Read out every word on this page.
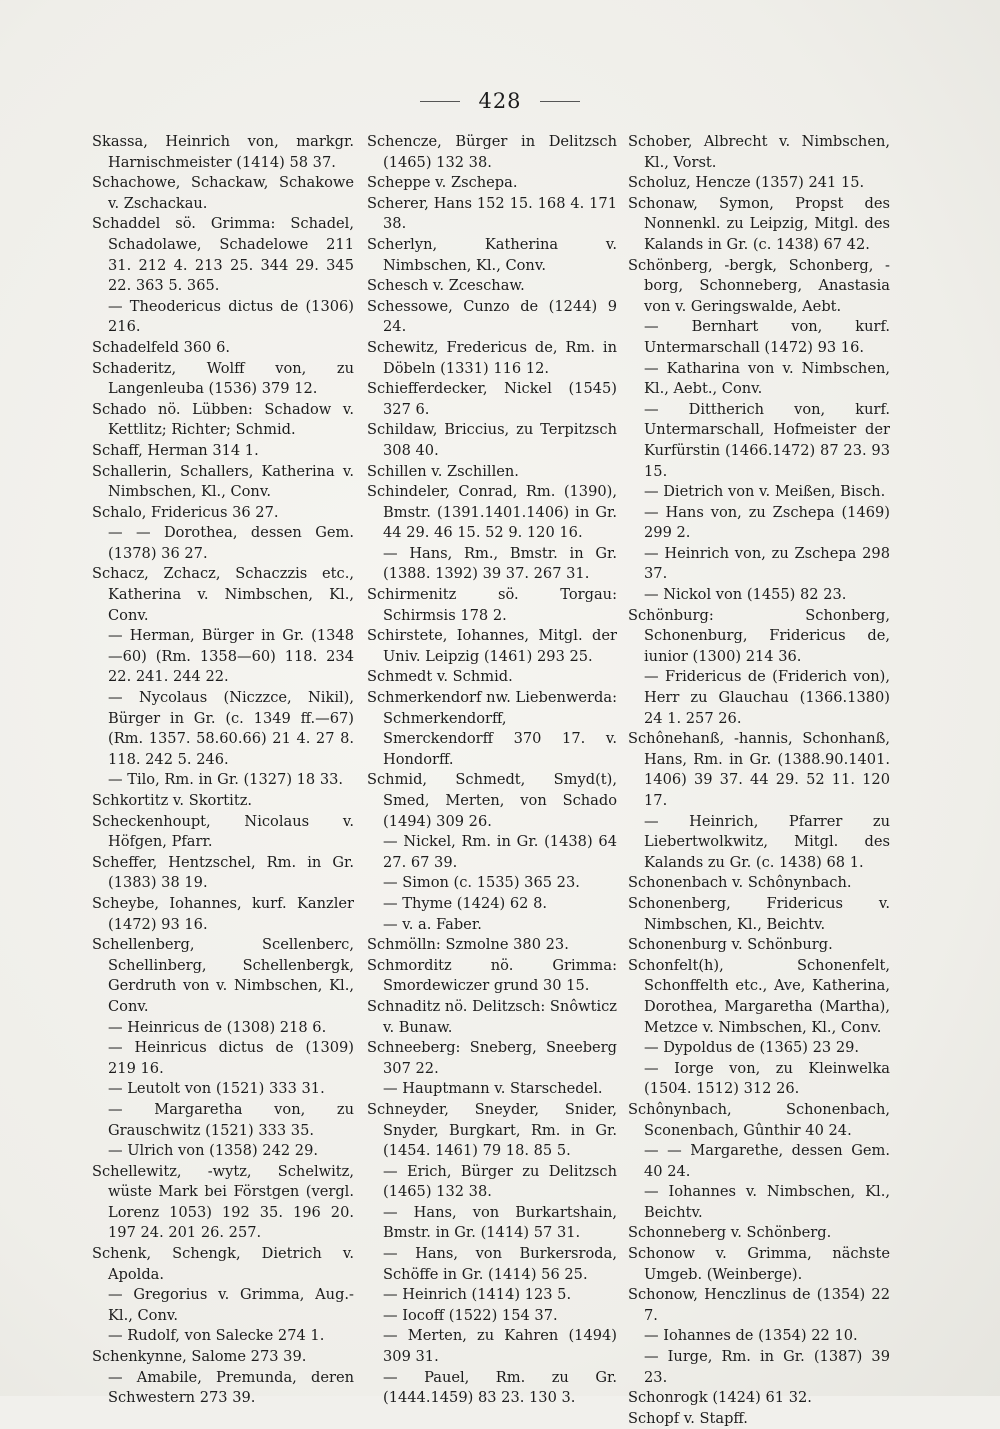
428
Skassa, Heinrich von, markgr. Harnischmeister (1414) 58 37.
Schachowe, Schackaw, Schakowe v. Zschackau.
Schaddel sö. Grimma: Schadel, Schadolawe, Schadelowe 211 31. 212 4. 213 25. 344 29. 345 22. 363 5. 365.
— Theodericus dictus de (1306) 216.
Schadelfeld 360 6.
Schaderitz, Wolff von, zu Langenleuba (1536) 379 12.
Schado nö. Lübben: Schadow v. Kettlitz; Richter; Schmid.
Schaff, Herman 314 1.
Schallerin, Schallers, Katherina v. Nimbschen, Kl., Conv.
Schalo, Fridericus 36 27.
— — Dorothea, dessen Gem. (1378) 36 27.
Schacz, Zchacz, Schaczzis etc., Katherina v. Nimbschen, Kl., Conv.
— Herman, Bürger in Gr. (1348—60) (Rm. 1358—60) 118. 234 22. 241. 244 22.
— Nycolaus (Niczzce, Nikil), Bürger in Gr. (c. 1349 ff.—67) (Rm. 1357. 58.60.66) 21 4. 27 8. 118. 242 5. 246.
— Tilo, Rm. in Gr. (1327) 18 33.
Schkortitz v. Skortitz.
Scheckenhoupt, Nicolaus v. Höfgen, Pfarr.
Scheffer, Hentzschel, Rm. in Gr. (1383) 38 19.
Scheybe, Iohannes, kurf. Kanzler (1472) 93 16.
Schellenberg, Scellenberc, Schellinberg, Schellenbergk, Gerdruth von v. Nimbschen, Kl., Conv.
— Heinricus de (1308) 218 6.
— Heinricus dictus de (1309) 219 16.
— Leutolt von (1521) 333 31.
— Margaretha von, zu Grauschwitz (1521) 333 35.
— Ulrich von (1358) 242 29.
Schellewitz, -wytz, Schelwitz, wüste Mark bei Förstgen (vergl. Lorenz 1053) 192 35. 196 20. 197 24. 201 26. 257.
Schenk, Schengk, Dietrich v. Apolda.
— Gregorius v. Grimma, Aug.-Kl., Conv.
— Rudolf, von Salecke 274 1.
Schenkynne, Salome 273 39.
— Amabile, Premunda, deren Schwestern 273 39.
Schencze, Bürger in Delitzsch (1465) 132 38.
Scheppe v. Zschepa.
Scherer, Hans 152 15. 168 4. 171 38.
Scherlyn, Katherina v. Nimbschen, Kl., Conv.
Schesch v. Zceschaw.
Schessowe, Cunzo de (1244) 9 24.
Schewitz, Fredericus de, Rm. in Döbeln (1331) 116 12.
Schiefferdecker, Nickel (1545) 327 6.
Schildaw, Briccius, zu Terpitzsch 308 40.
Schillen v. Zschillen.
Schindeler, Conrad, Rm. (1390), Bmstr. (1391.1401.1406) in Gr. 44 29. 46 15. 52 9. 120 16.
— Hans, Rm., Bmstr. in Gr. (1388. 1392) 39 37. 267 31.
Schirmenitz sö. Torgau: Schirmsis 178 2.
Schirstete, Iohannes, Mitgl. der Univ. Leipzig (1461) 293 25.
Schmedt v. Schmid.
Schmerkendorf nw. Liebenwerda: Schmerkendorff, Smerckendorff 370 17. v. Hondorff.
Schmid, Schmedt, Smyd(t), Smed, Merten, von Schado (1494) 309 26.
— Nickel, Rm. in Gr. (1438) 64 27. 67 39.
— Simon (c. 1535) 365 23.
— Thyme (1424) 62 8.
— v. a. Faber.
Schmölln: Szmolne 380 23.
Schmorditz nö. Grimma: Smordewiczer grund 30 15.
Schnaditz nö. Delitzsch: Snôwticz v. Bunaw.
Schneeberg: Sneberg, Sneeberg 307 22.
— Hauptmann v. Starschedel.
Schneyder, Sneyder, Snider, Snyder, Burgkart, Rm. in Gr. (1454. 1461) 79 18. 85 5.
— Erich, Bürger zu Delitzsch (1465) 132 38.
— Hans, von Burkartshain, Bmstr. in Gr. (1414) 57 31.
— Hans, von Burkersroda, Schöffe in Gr. (1414) 56 25.
— Heinrich (1414) 123 5.
— Iocoff (1522) 154 37.
— Merten, zu Kahren (1494) 309 31.
— Pauel, Rm. zu Gr. (1444.1459) 83 23. 130 3.
Schober, Albrecht v. Nimbschen, Kl., Vorst.
Scholuz, Hencze (1357) 241 15.
Schonaw, Symon, Propst des Nonnenkl. zu Leipzig, Mitgl. des Kalands in Gr. (c. 1438) 67 42.
Schönberg, -bergk, Schonberg, -borg, Schonneberg, Anastasia von v. Geringswalde, Aebt.
— Bernhart von, kurf. Untermarschall (1472) 93 16.
— Katharina von v. Nimbschen, Kl., Aebt., Conv.
— Dittherich von, kurf. Untermarschall, Hofmeister der Kurfürstin (1466.1472) 87 23. 93 15.
— Dietrich von v. Meißen, Bisch.
— Hans von, zu Zschepa (1469) 299 2.
— Heinrich von, zu Zschepa 298 37.
— Nickol von (1455) 82 23.
Schönburg: Schonberg, Schonenburg, Fridericus de, iunior (1300) 214 36.
— Fridericus de (Friderich von), Herr zu Glauchau (1366.1380) 24 1. 257 26.
Schônehanß, -hannis, Schonhanß, Hans, Rm. in Gr. (1388.90.1401. 1406) 39 37. 44 29. 52 11. 120 17.
— Heinrich, Pfarrer zu Liebertwolkwitz, Mitgl. des Kalands zu Gr. (c. 1438) 68 1.
Schonenbach v. Schônynbach.
Schonenberg, Fridericus v. Nimbschen, Kl., Beichtv.
Schonenburg v. Schönburg.
Schonfelt(h), Schonenfelt, Schonffelth etc., Ave, Katherina, Dorothea, Margaretha (Martha), Metzce v. Nimbschen, Kl., Conv.
— Dypoldus de (1365) 23 29.
— Iorge von, zu Kleinwelka (1504. 1512) 312 26.
Schônynbach, Schonenbach, Sconenbach, Gûnthir 40 24.
— — Margarethe, dessen Gem. 40 24.
— Iohannes v. Nimbschen, Kl., Beichtv.
Schonneberg v. Schönberg.
Schonow v. Grimma, nächste Umgeb. (Weinberge).
Schonow, Henczlinus de (1354) 22 7.
— Iohannes de (1354) 22 10.
— Iurge, Rm. in Gr. (1387) 39 23.
Schonrogk (1424) 61 32.
Schopf v. Stapff.
